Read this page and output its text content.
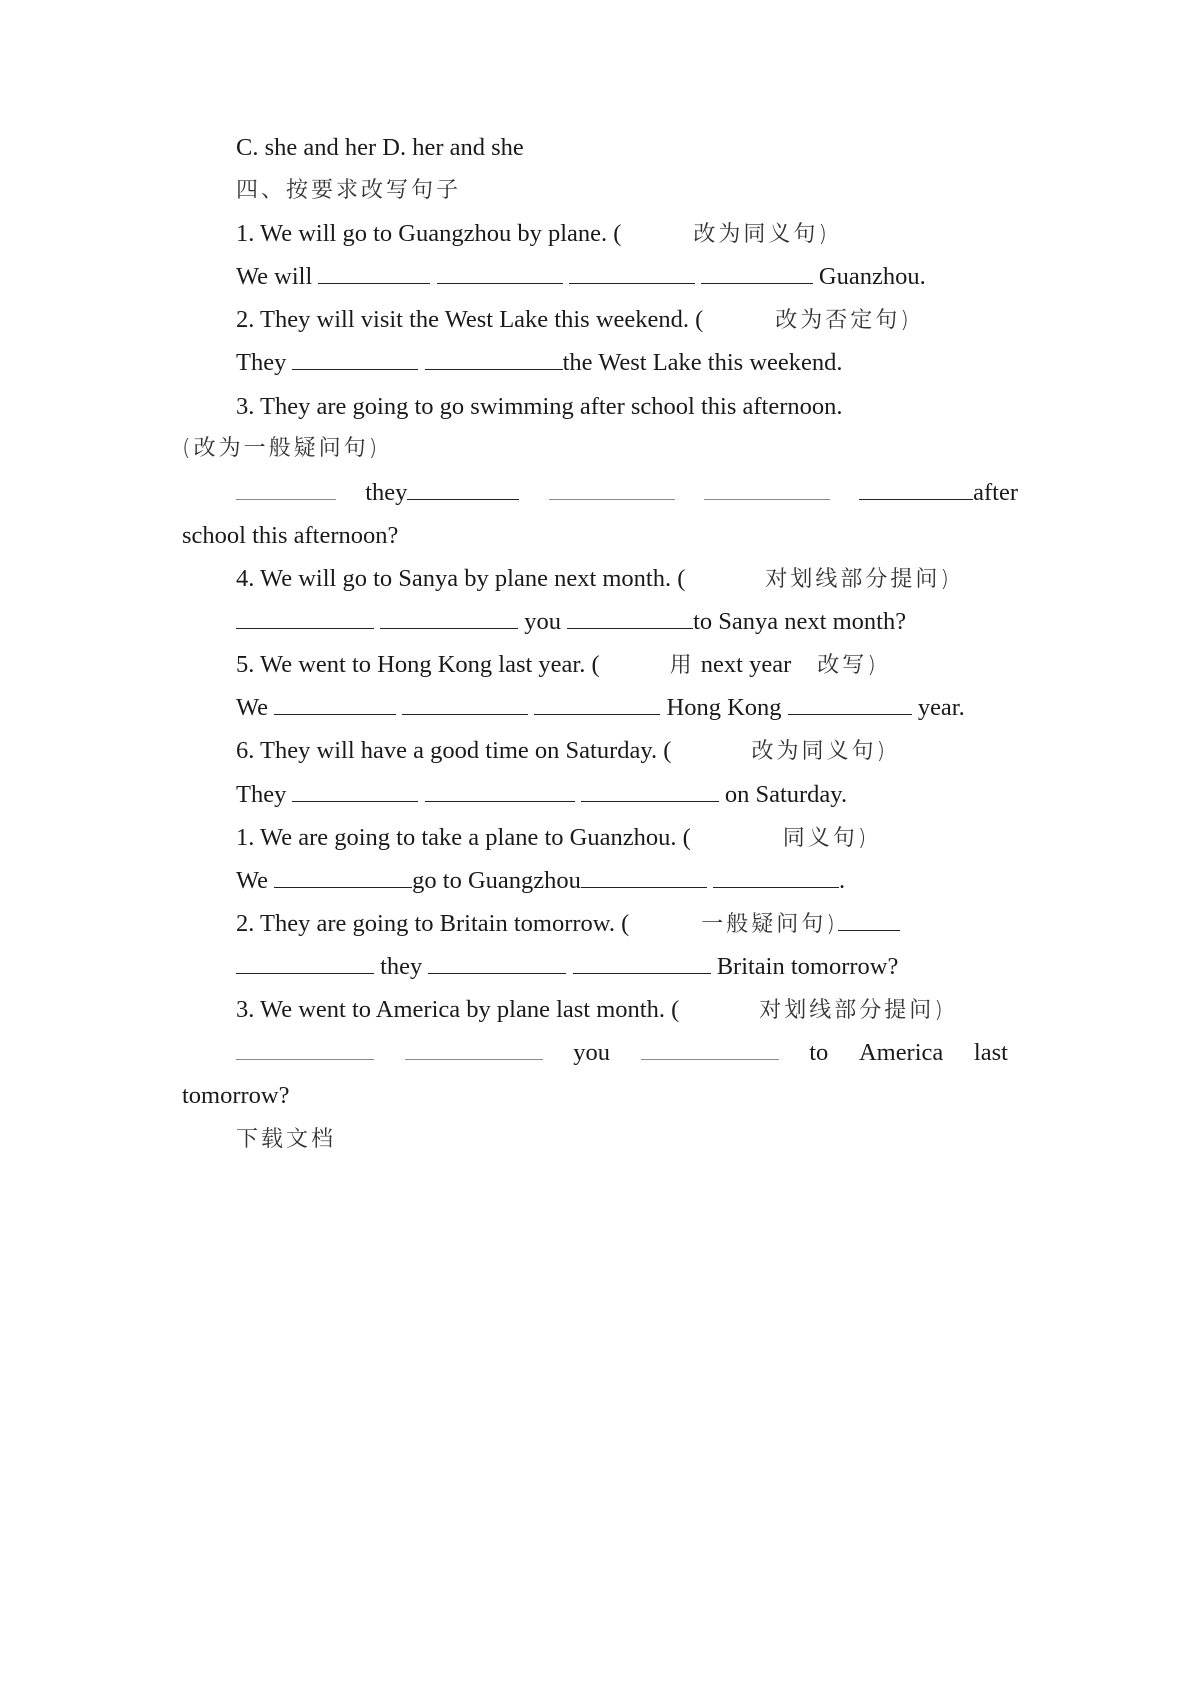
C. she and her D. her and she
四、按要求改写句子
1. We will go to Guangzhou by plane. (	改为同义句)
We will	Guanzhou.
2. They will visit the West Lake this weekend. (	改为否定句)
They	the West Lake this weekend.
3. They are going to go swimming after school this afternoon.
(改为一般疑问句)
they	after
school this afternoon?
4. We will go to Sanya by plane next month. (	对划线部分提问)
you	to Sanya next month?
5. We went to Hong Kong last year. (	用 next year 改写)
We	Hong Kong	year.
6. They will have a good time on Saturday. (	改为同义句)
They	on Saturday.
1. We are going to take a plane to Guanzhou. (	同义句)
We	go to Guangzhou	.
2. They are going to Britain tomorrow. (	一般疑问句)
they	Britain tomorrow?
3. We went to America by plane last month. (	对划线部分提问)
you	to America last
tomorrow?
下载文档
